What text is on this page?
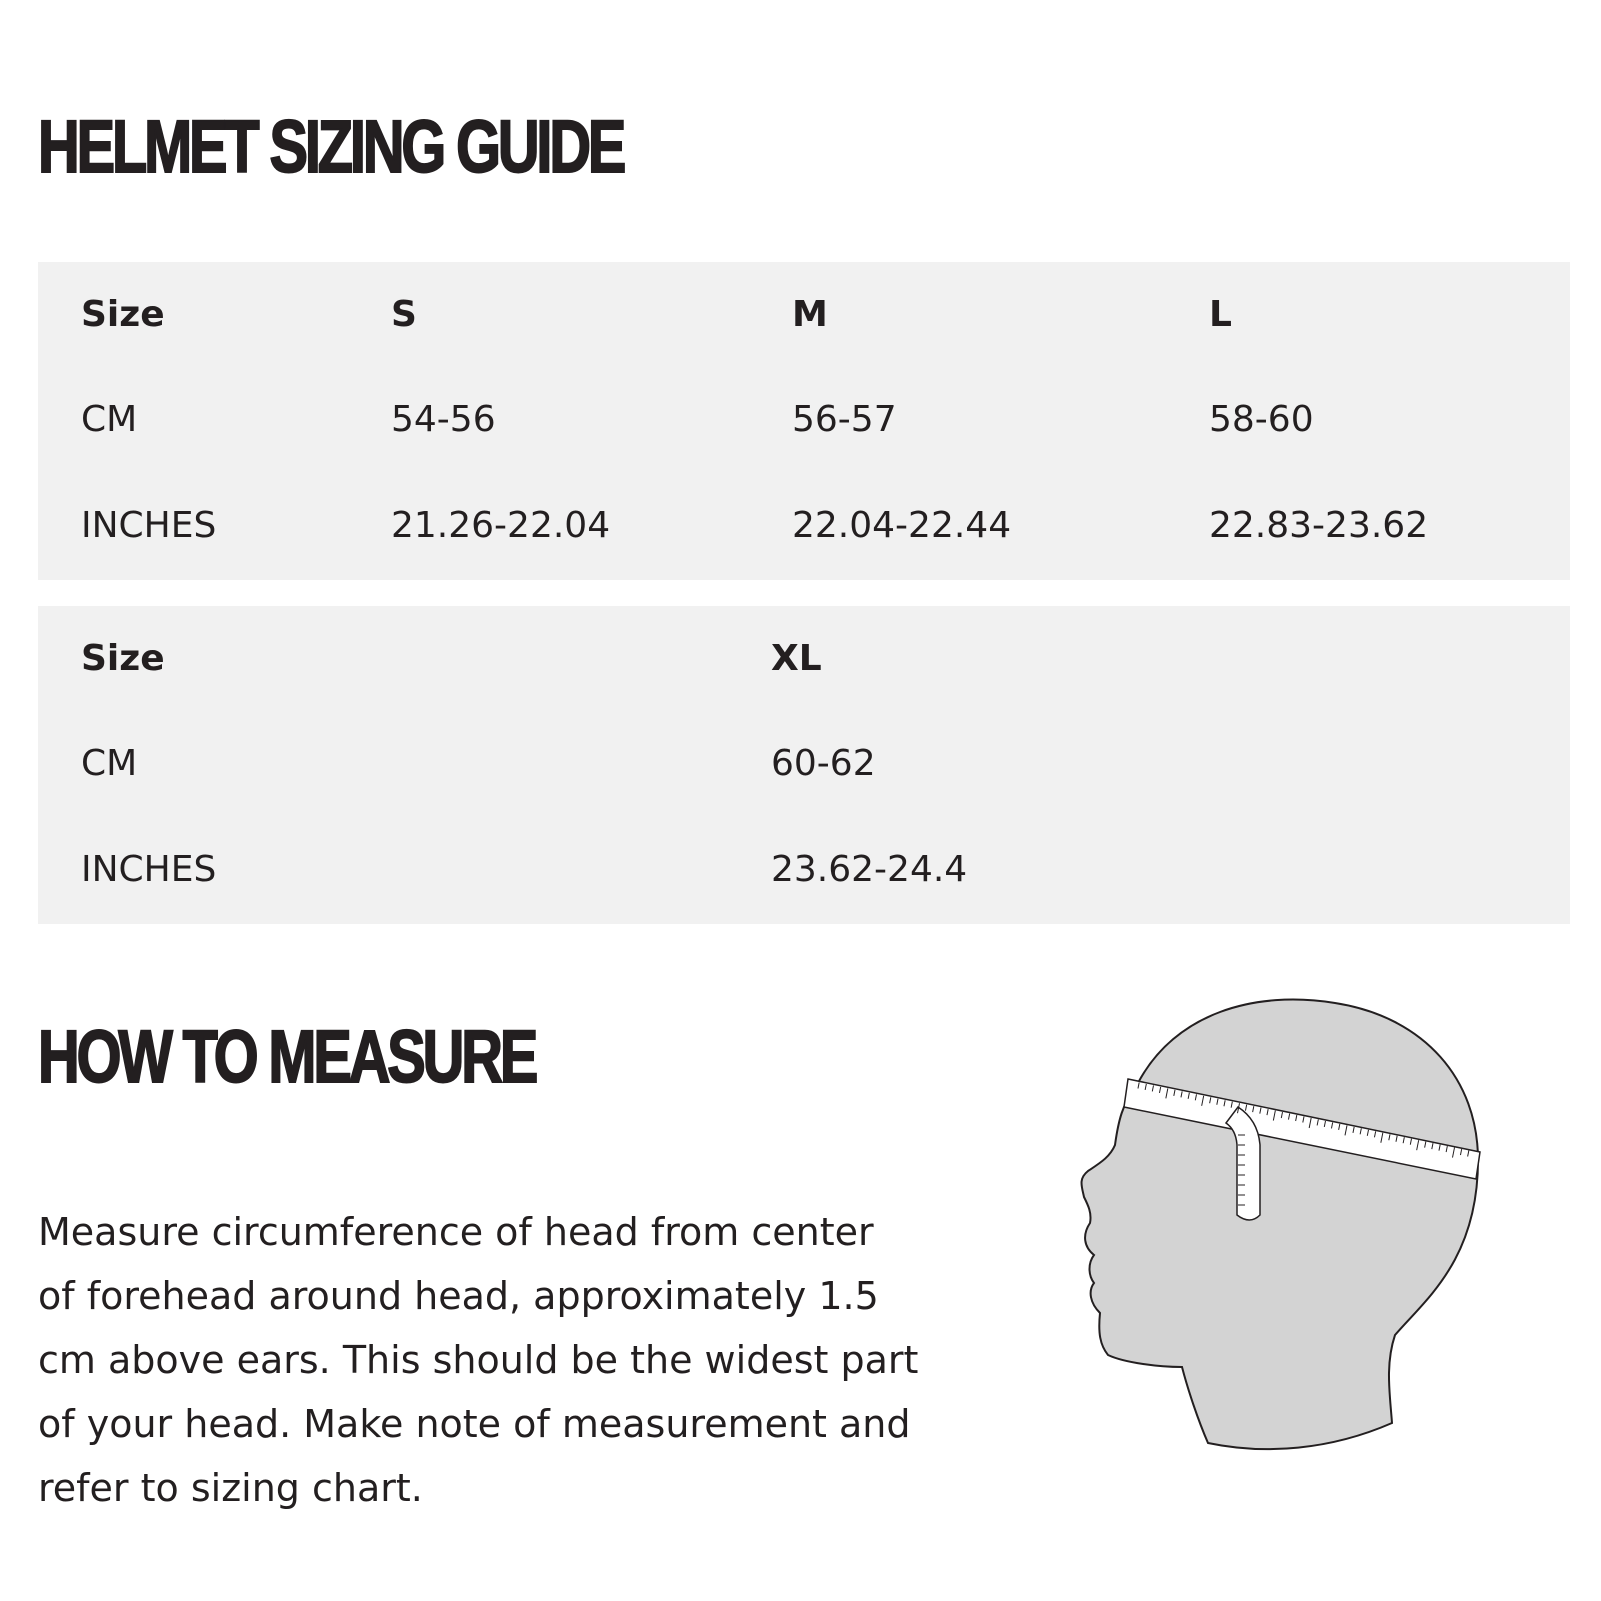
HELMET SIZING GUIDE
Size	S	M	L
CM	54-56	56-57	58-60
INCHES	21.26-22.04	22.04-22.44	22.83-23.62
Size	XL
CM	60-62
INCHES	23.62-24.4
HOW TO MEASURE

Measure circumference of head from center
of forehead around head, approximately 1.5
cm above ears. This should be the widest part
of your head. Make note of measurement and
refer to sizing chart.
